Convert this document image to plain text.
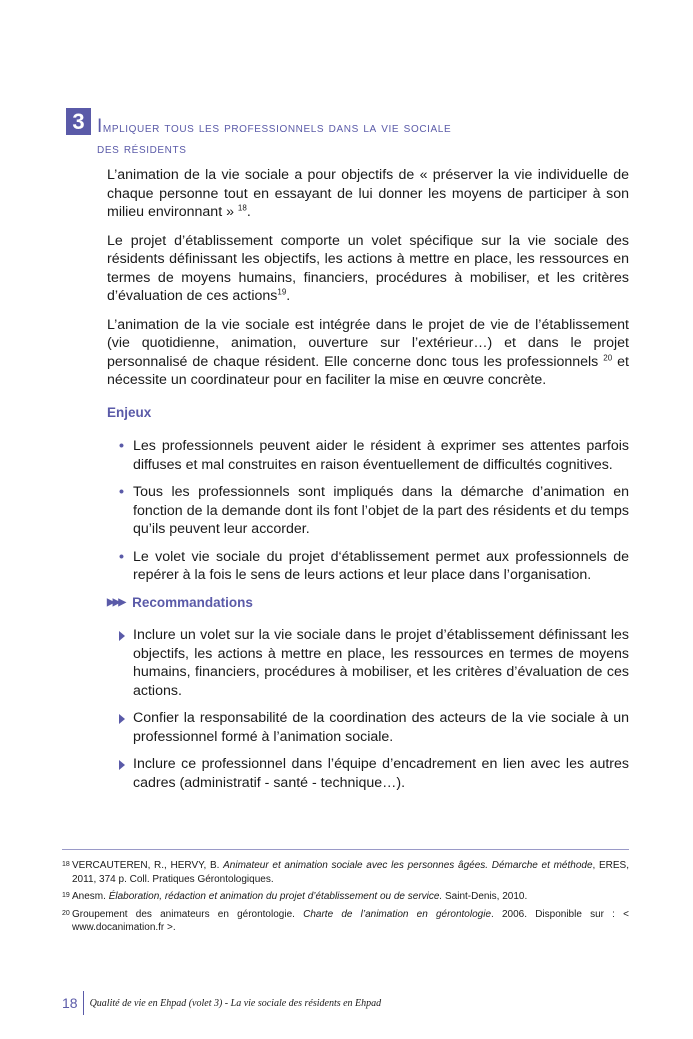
3 Impliquer tous les professionnels dans la vie sociale
des résidents

L’animation de la vie sociale a pour objectifs de « préserver la vie individuelle de chaque personne tout en essayant de lui donner les moyens de participer à son milieu environnant » $^{18}$.

Le projet d’établissement comporte un volet spécifique sur la vie sociale des résidents définissant les objectifs, les actions à mettre en place, les ressources en termes de moyens humains, financiers, procédures à mobiliser, et les critères d’évaluation de ces actions$^{19}$.

L’animation de la vie sociale est intégrée dans le projet de vie de l’établissement (vie quotidienne, animation, ouverture sur l’extérieur…) et dans le projet personnalisé de chaque résident. Elle concerne donc tous les professionnels $^{20}$ et nécessite un coordinateur pour en faciliter la mise en œuvre concrète.

Enjeux
• Les professionnels peuvent aider le résident à exprimer ses attentes parfois diffuses et mal construites en raison éventuellement de difficultés cognitives.
• Tous les professionnels sont impliqués dans la démarche d’animation en fonction de la demande dont ils font l’objet de la part des résidents et du temps qu’ils peuvent leur accorder.
• Le volet vie sociale du projet d‘établissement permet aux professionnels de repérer à la fois le sens de leurs actions et leur place dans l’organisation.
▶▶▶ Recommandations
Inclure un volet sur la vie sociale dans le projet d’établissement définissant les objectifs, les actions à mettre en place, les ressources en termes de moyens humains, financiers, procédures à mobiliser, et les critères d’évaluation de ces actions.
Confier la responsabilité de la coordination des acteurs de la vie sociale à un professionnel formé à l’animation sociale.
Inclure ce professionnel dans l’équipe d’encadrement en lien avec les autres cadres (administratif - santé - technique…).
18 VERCAUTEREN, R., HERVY, B. Animateur et animation sociale avec les personnes âgées. Démarche et méthode, ERES, 2011, 374 p. Coll. Pratiques Gérontologiques.
19 Anesm. Élaboration, rédaction et animation du projet d’établissement ou de service. Saint-Denis, 2010.
20 Groupement des animateurs en gérontologie. Charte de l’animation en gérontologie. 2006. Disponible sur : < www.docanimation.fr >.
18	Qualité de vie en Ehpad (volet 3) - La vie sociale des résidents en Ehpad
